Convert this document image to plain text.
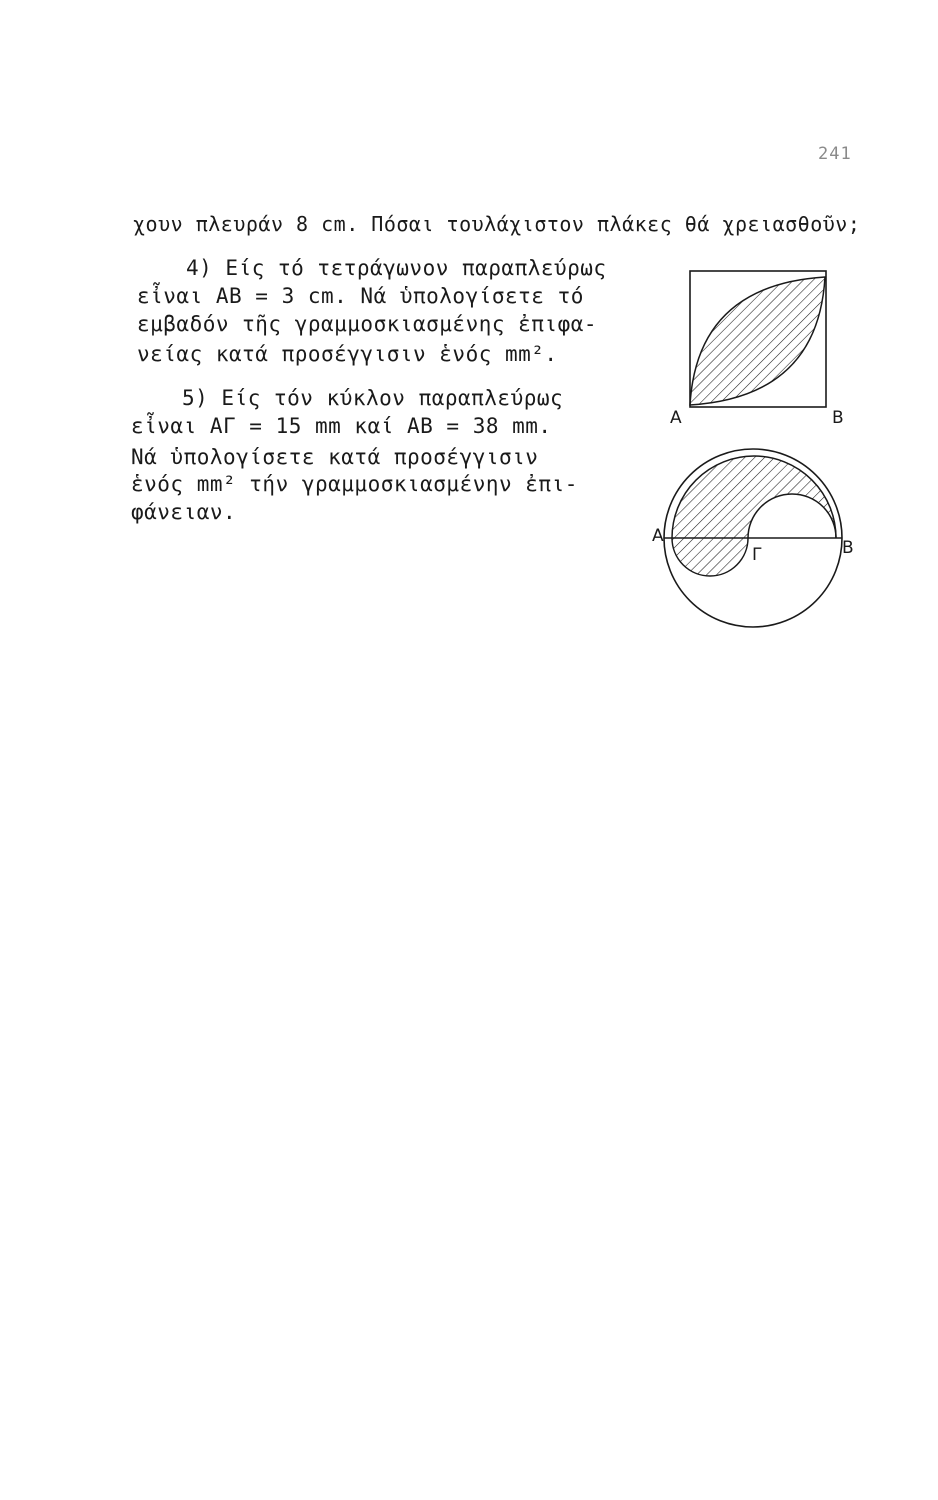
241
χουν πλευράν 8 cm. Πόσαι τουλάχιστον πλάκες θά χρειασθοῦν;
4) Είς τό τετράγωνον παραπλεύρως
εἶναι AB = 3 cm. Νά ὑπολογίσετε τό
εμβαδόν τῆς γραμμοσκιασμένης ἐπιφα-
νείας κατά προσέγγισιν ἑνός mm².
5) Είς τόν κύκλον παραπλεύρως
εἶναι ΑΓ = 15 mm καί AB = 38 mm.
Νά ὑπολογίσετε κατά προσέγγισιν
ἑνός mm² τήν γραμμοσκιασμένην ἐπι-
φάνειαν.
A	B
A
Γ	B
